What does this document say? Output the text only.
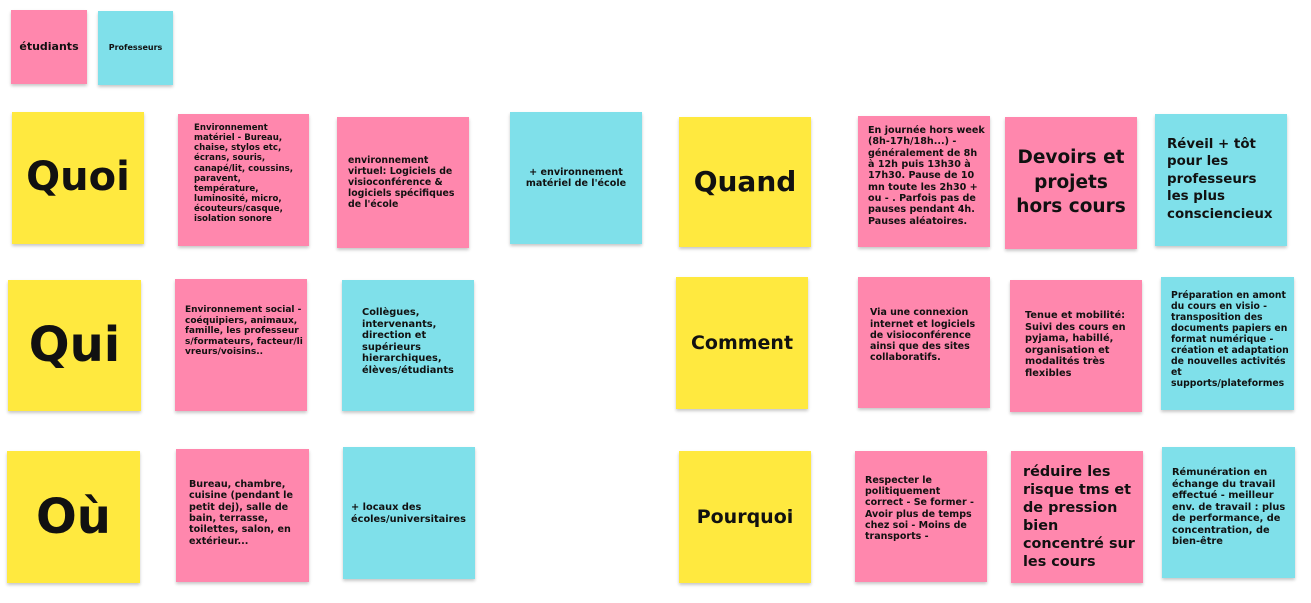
étudiants	Professeurs
Quoi
Environnement matériel - Bureau, chaise, stylos etc, écrans, souris, canapé/lit, coussins, paravent, température, luminosité, micro, écouteurs/casque, isolation sonore
environnement virtuel: Logiciels de visioconférence & logiciels spécifiques de l'école
+ environnement matériel de l'école Quand
En journée hors week (8h-17h/18h...) - généralement de 8h à 12h puis 13h30 à 17h30. Pause de 10 mn toute les 2h30 + ou - . Parfois pas de pauses pendant 4h. Pauses aléatoires.
Devoirs et projets hors cours
Réveil + tôt pour les professeurs les plus consciencieux
Qui
Environnement social - coéquipiers, animaux, famille, les professeurs/formateurs, facteur/livreurs/voisins..
Collègues, intervenants, direction et supérieurs hierarchiques, élèves/étudiants
Comment
Via une connexion internet et logiciels de visioconférence ainsi que des sites collaboratifs.
Tenue et mobilité: Suivi des cours en pyjama, habillé, organisation et modalités très flexibles
Préparation en amont du cours en visio - transposition des documents papiers en format numérique - création et adaptation de nouvelles activités et supports/plateformes
Où
Bureau, chambre, cuisine (pendant le petit dej), salle de bain, terrasse, toilettes, salon, en extérieur...
+ locaux des écoles/universitaires	Pourquoi
Respecter le politiquement correct - Se former - Avoir plus de temps chez soi - Moins de transports -
réduire les risque tms et de pression bien concentré sur les cours
Rémunération en échange du travail effectué - meilleur env. de travail : plus de performance, de concentration, de bien-être
